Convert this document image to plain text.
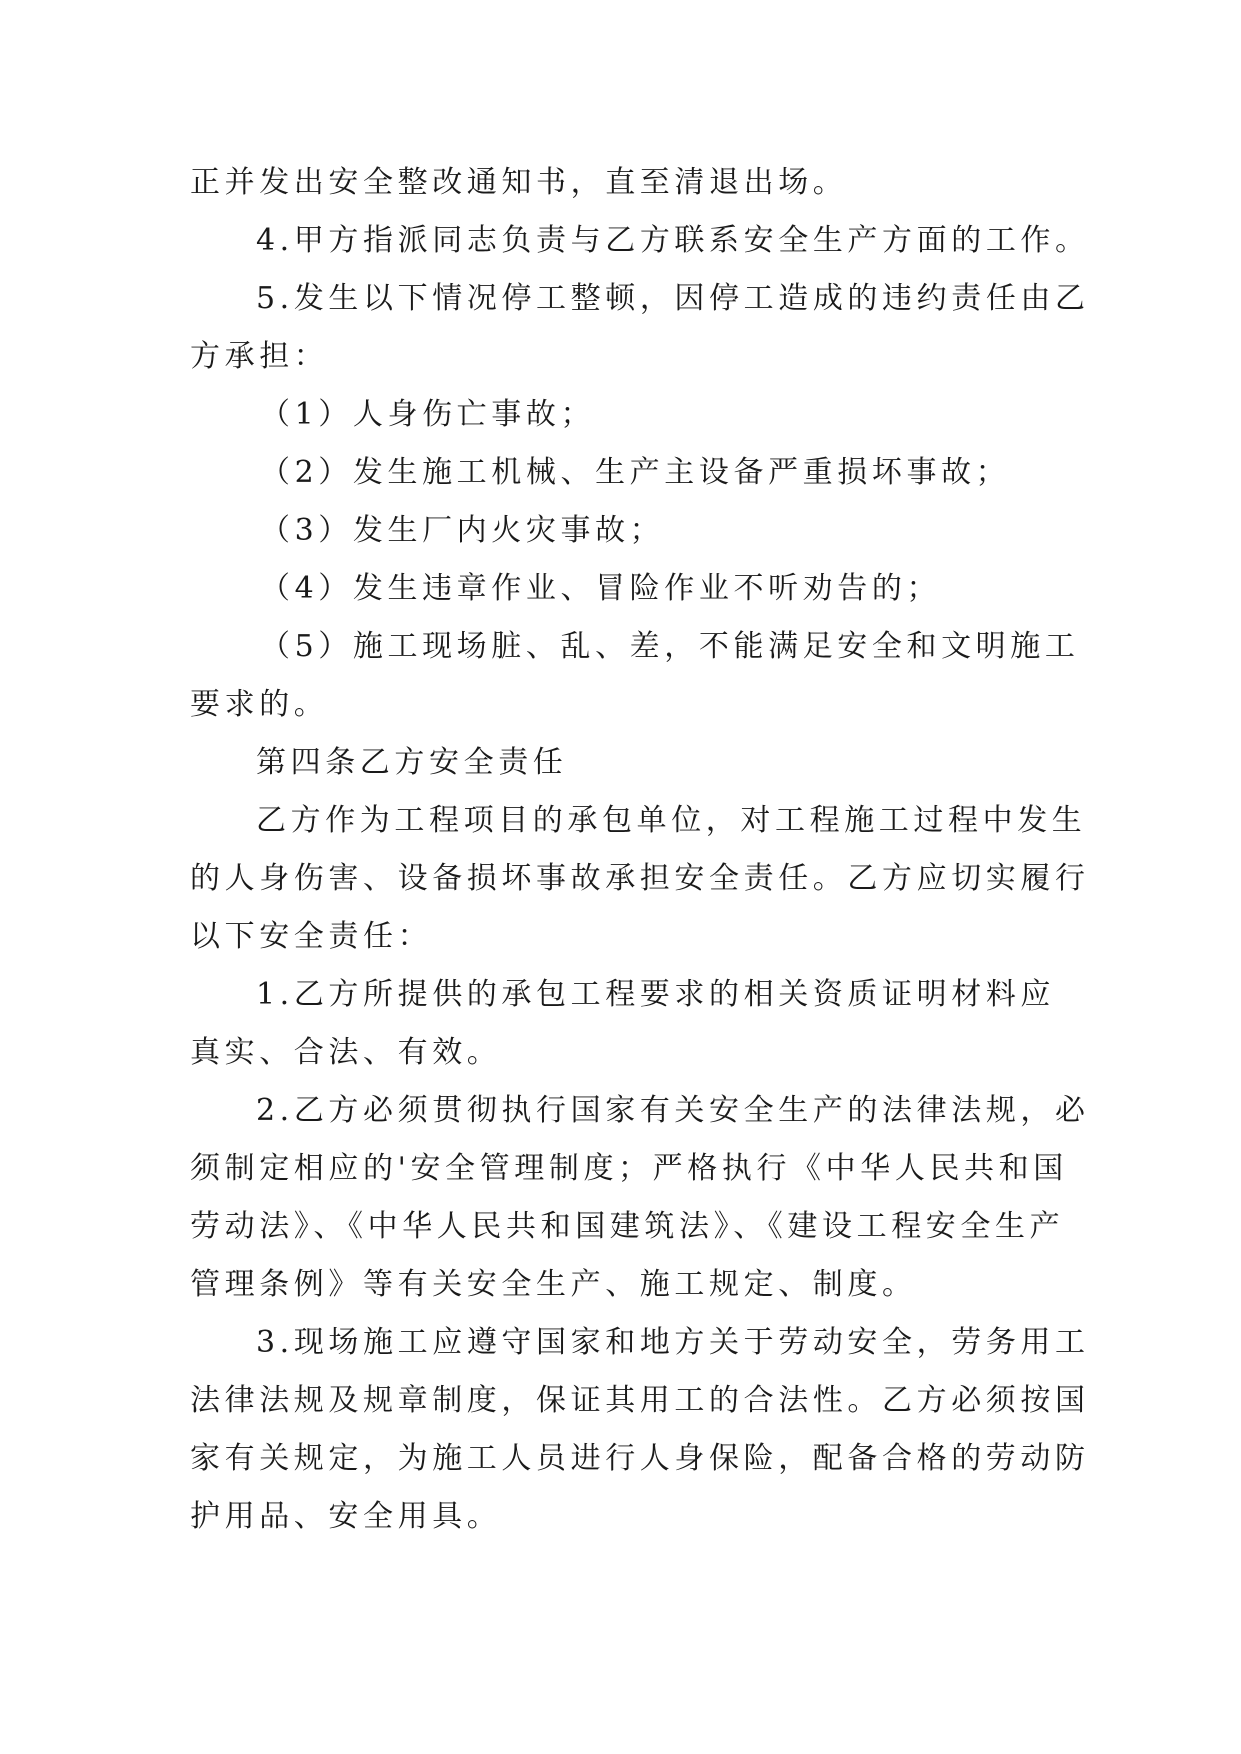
正并发出安全整改通知书，直至清退出场。
4.甲方指派同志负责与乙方联系安全生产方面的工作。
5.发生以下情况停工整顿，因停工造成的违约责任由乙
方承担：
（1）人身伤亡事故；
（2）发生施工机械、生产主设备严重损坏事故；
（3）发生厂内火灾事故；
（4）发生违章作业、冒险作业不听劝告的；
（5）施工现场脏、乱、差，不能满足安全和文明施工
要求的。
第四条乙方安全责任
乙方作为工程项目的承包单位，对工程施工过程中发生
的人身伤害、设备损坏事故承担安全责任。乙方应切实履行
以下安全责任：
1.乙方所提供的承包工程要求的相关资质证明材料应
真实、合法、有效。
2.乙方必须贯彻执行国家有关安全生产的法律法规，必
须制定相应的'安全管理制度；严格执行《中华人民共和国
劳动法》、《中华人民共和国建筑法》、《建设工程安全生产
管理条例》等有关安全生产、施工规定、制度。
3.现场施工应遵守国家和地方关于劳动安全，劳务用工
法律法规及规章制度，保证其用工的合法性。乙方必须按国
家有关规定，为施工人员进行人身保险，配备合格的劳动防
护用品、安全用具。
